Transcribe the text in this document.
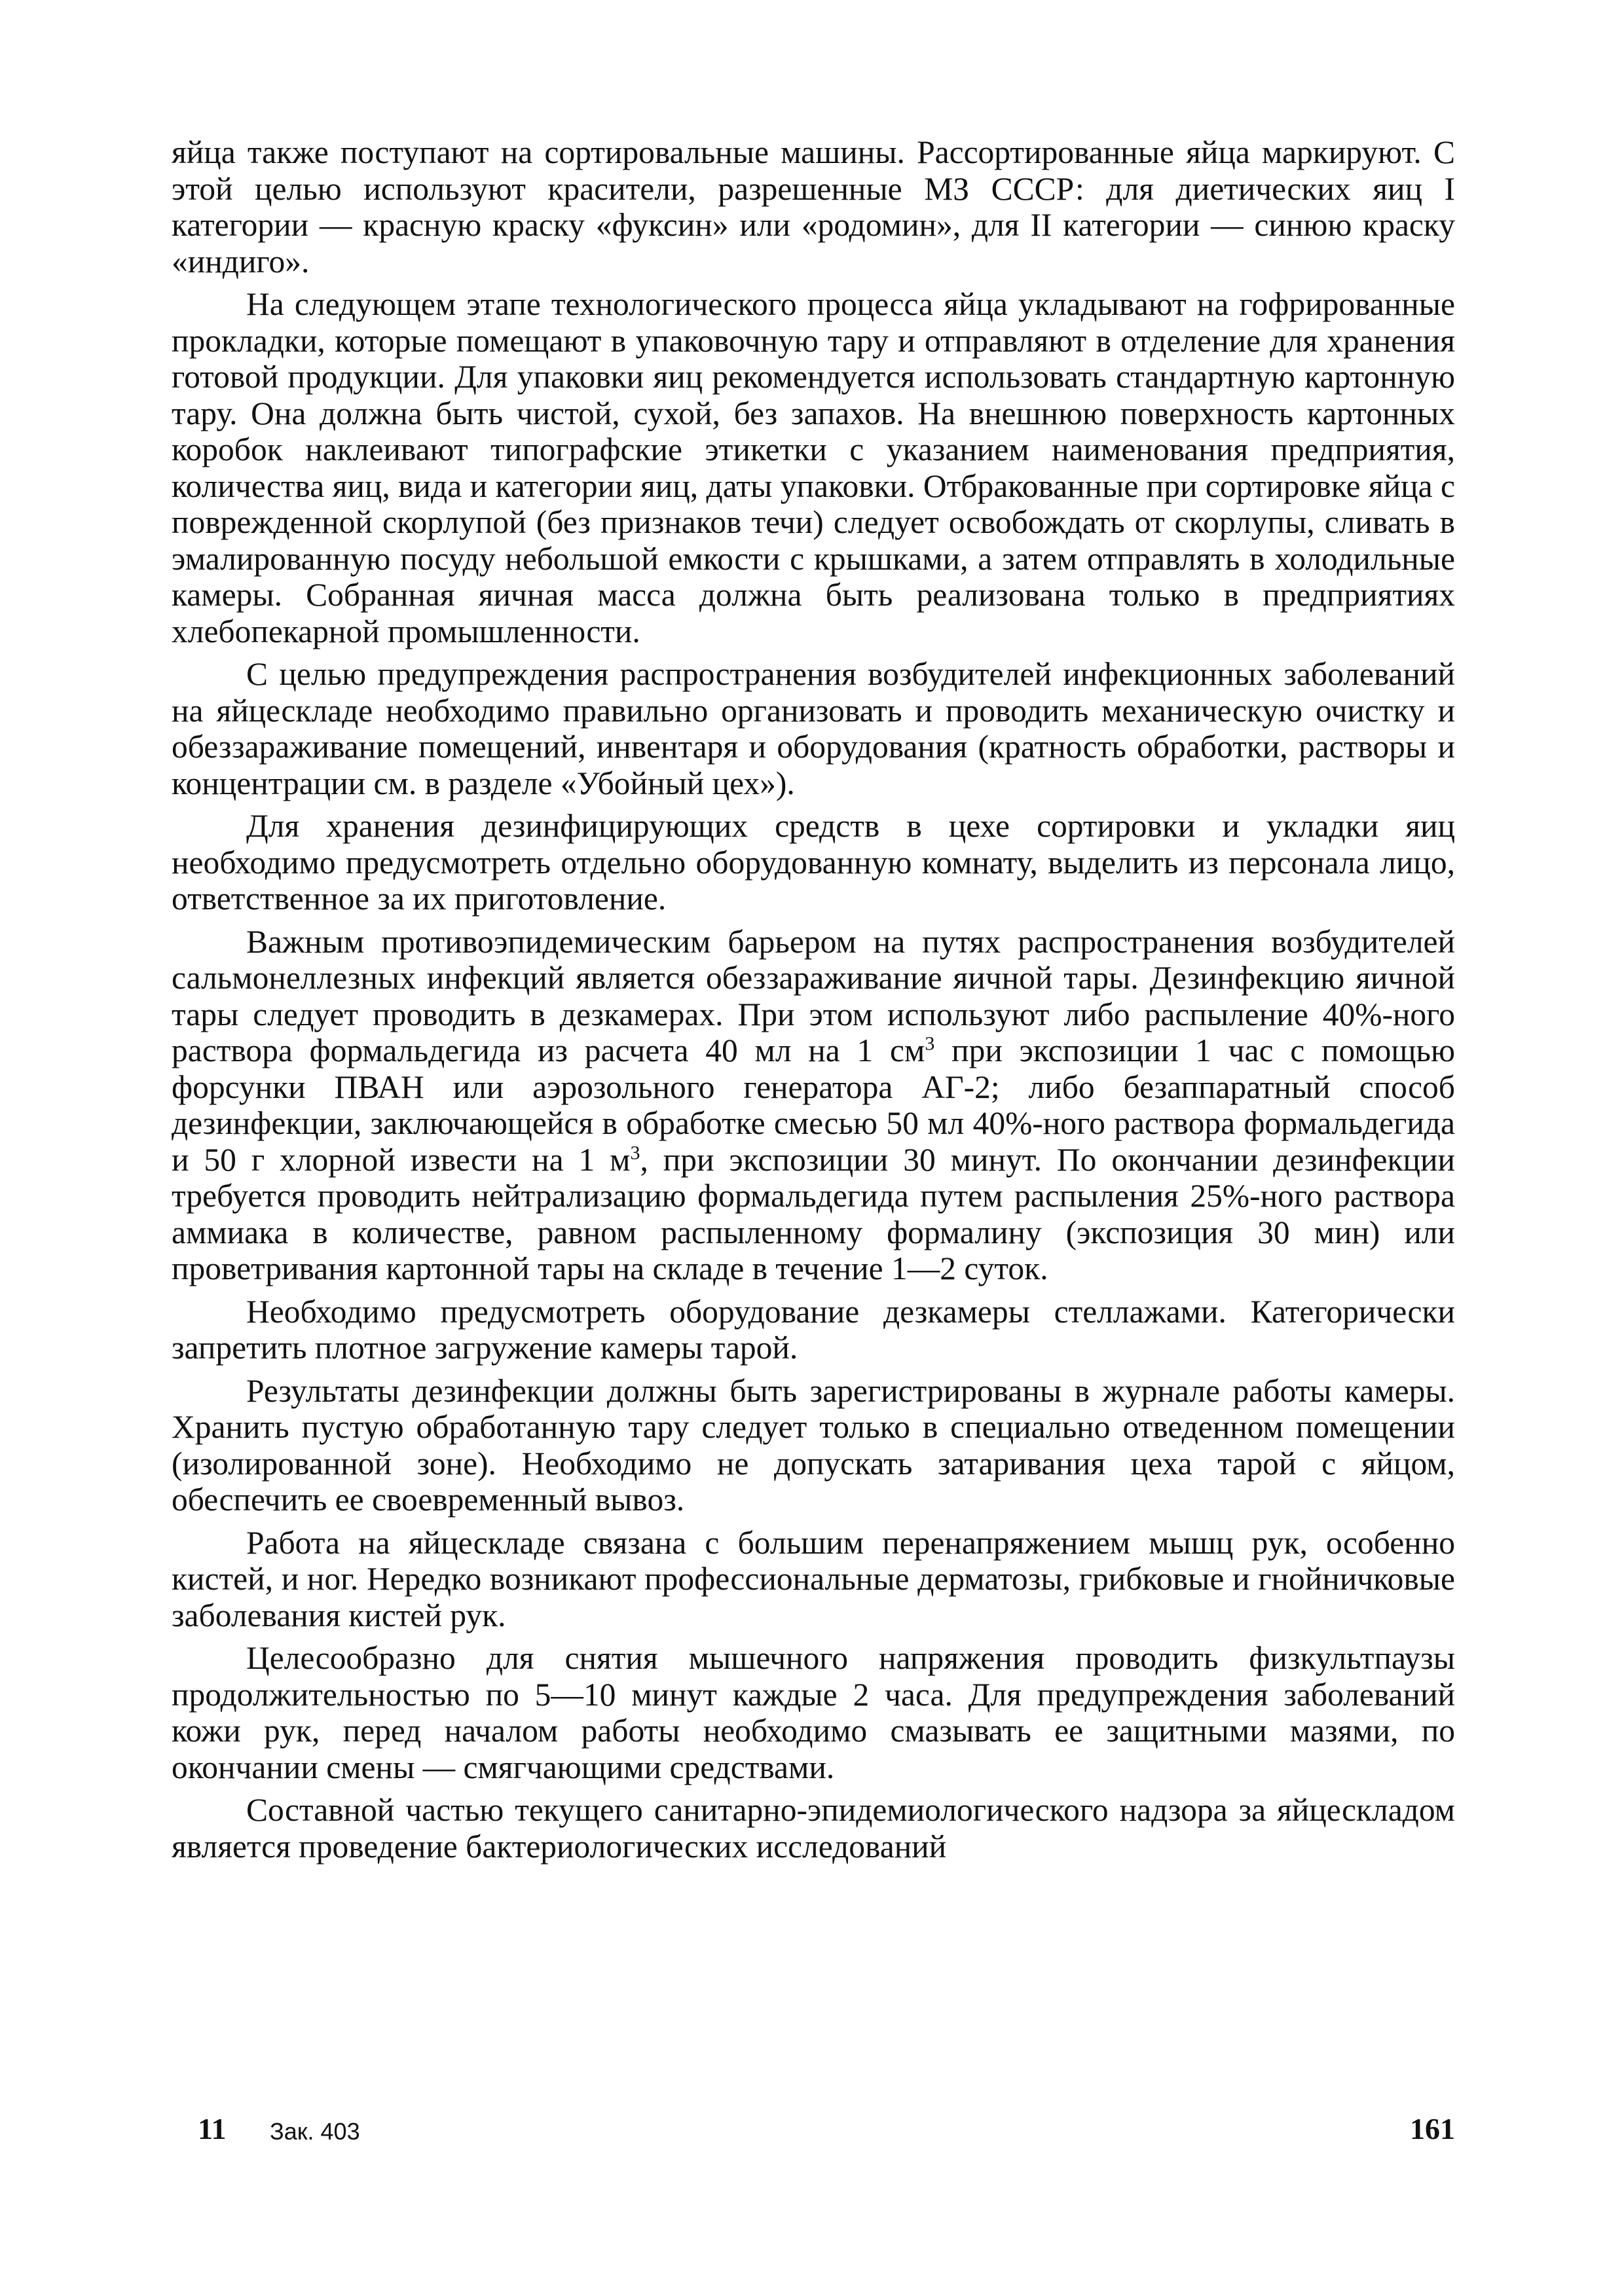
яйца также поступают на сортировальные машины. Рассортированные яйца маркируют. С этой целью используют красители, разрешенные МЗ СССР: для диетических яиц I категории — красную краску «фуксин» или «родомин», для II категории — синюю краску «индиго».

На следующем этапе технологического процесса яйца укладывают на гофрированные прокладки, которые помещают в упаковочную тару и отправляют в отделение для хранения готовой продукции. Для упаковки яиц рекомендуется использовать стандартную картонную тару. Она должна быть чистой, сухой, без запахов. На внешнюю поверхность картонных коробок наклеивают типографские этикетки с указанием наименования предприятия, количества яиц, вида и категории яиц, даты упаковки. Отбракованные при сортировке яйца с поврежденной скорлупой (без признаков течи) следует освобождать от скорлупы, сливать в эмалированную посуду небольшой емкости с крышками, а затем отправлять в холодильные камеры. Собранная яичная масса должна быть реализована только в предприятиях хлебопекарной промышленности.

С целью предупреждения распространения возбудителей инфекционных заболеваний на яйцескладе необходимо правильно организовать и проводить механическую очистку и обеззараживание помещений, инвентаря и оборудования (кратность обработки, растворы и концентрации см. в разделе «Убойный цех»).

Для хранения дезинфицирующих средств в цехе сортировки и укладки яиц необходимо предусмотреть отдельно оборудованную комнату, выделить из персонала лицо, ответственное за их приготовление.

Важным противоэпидемическим барьером на путях распространения возбудителей сальмонеллезных инфекций является обеззараживание яичной тары. Дезинфекцию яичной тары следует проводить в дезкамерах. При этом используют либо распыление 40%-ного раствора формальдегида из расчета 40 мл на 1 $см^3$ при экспозиции 1 час с помощью форсунки ПВАН или аэрозольного генератора АГ-2; либо безаппаратный способ дезинфекции, заключающейся в обработке смесью 50 мл 40%-ного раствора формальдегида и 50 г хлорной извести на 1 $м^3$, при экспозиции 30 минут. По окончании дезинфекции требуется проводить нейтрализацию формальдегида путем распыления 25%-ного раствора аммиака в количестве, равном распыленному формалину (экспозиция 30 мин) или проветривания картонной тары на складе в течение 1—2 суток.

Необходимо предусмотреть оборудование дезкамеры стеллажами. Категорически запретить плотное загружение камеры тарой.

Результаты дезинфекции должны быть зарегистрированы в журнале работы камеры. Хранить пустую обработанную тару следует только в специально отведенном помещении (изолированной зоне). Необходимо не допускать затаривания цеха тарой с яйцом, обеспечить ее своевременный вывоз.

Работа на яйцескладе связана с большим перенапряжением мышц рук, особенно кистей, и ног. Нередко возникают профессиональные дерматозы, грибковые и гнойничковые заболевания кистей рук.

Целесообразно для снятия мышечного напряжения проводить физкультпаузы продолжительностью по 5—10 минут каждые 2 часа. Для предупреждения заболеваний кожи рук, перед началом работы необходимо смазывать ее защитными мазями, по окончании смены — смягчающими средствами.

Составной частью текущего санитарно-эпидемиологического надзора за яйцескладом является проведение бактериологических исследований

11 Зак. 403	161
